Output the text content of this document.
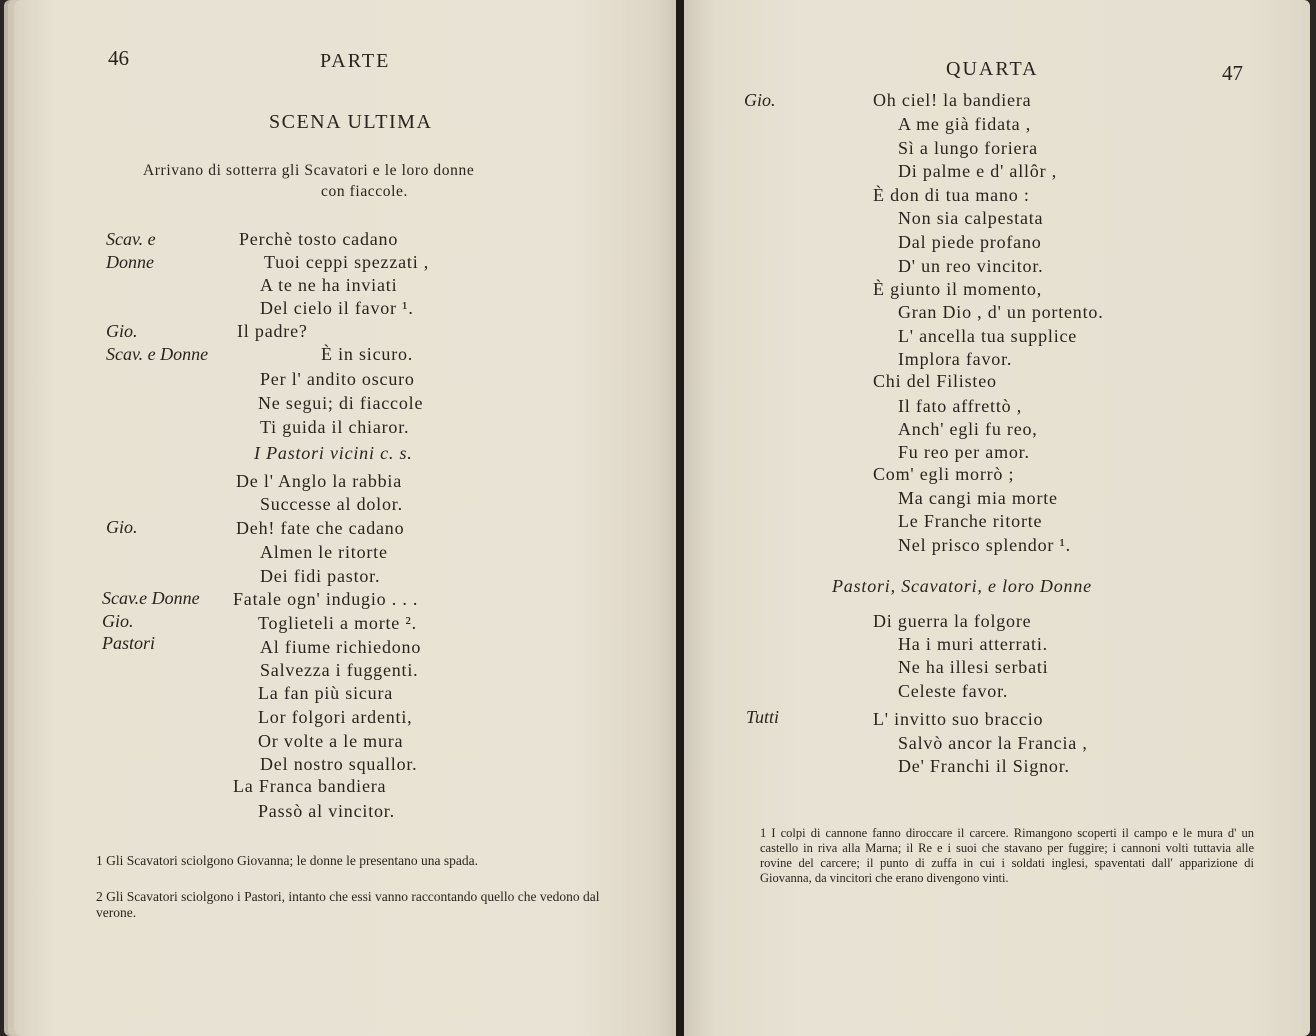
46	PARTE
SCENA ULTIMA
Arrivano di sotterra gli Scavatori e le loro donne
con fiaccole.
Scav. e
Donne
Gio.
Scav. e Donne
Gio.
Scav.e Donne
Gio.
Pastori
Perchè tosto cadano
Tuoi ceppi spezzati ,
A te ne ha inviati
Del cielo il favor ¹.
Il padre?
È in sicuro.
Per l' andito oscuro
Ne segui; di fiaccole
Ti guida il chiaror.
I Pastori vicini c. s.
De l' Anglo la rabbia
Successe al dolor.
Deh! fate che cadano
Almen le ritorte
Dei fidi pastor.
Fatale ogn' indugio . . .
Toglieteli a morte ².
Al fiume richiedono
Salvezza i fuggenti.
La fan più sicura
Lor folgori ardenti,
Or volte a le mura
Del nostro squallor.
La Franca bandiera
Passò al vincitor.
1 Gli Scavatori sciolgono Giovanna; le donne le presentano una spada.
2 Gli Scavatori sciolgono i Pastori, intanto che essi vanno raccontando quello che vedono dal verone.
QUARTA	47
Gio.
Tutti
Oh ciel! la bandiera
A me già fidata ,
Sì a lungo foriera
Di palme e d' allôr ,
È don di tua mano :
Non sia calpestata
Dal piede profano
D' un reo vincitor.
È giunto il momento,
Gran Dio , d' un portento.
L' ancella tua supplice
Implora favor.
Chi del Filisteo
Il fato affrettò ,
Anch' egli fu reo,
Fu reo per amor.
Com' egli morrò ;
Ma cangi mia morte
Le Franche ritorte
Nel prisco splendor ¹.
Pastori, Scavatori, e loro Donne
Di guerra la folgore
Ha i muri atterrati.
Ne ha illesi serbati
Celeste favor.
L' invitto suo braccio
Salvò ancor la Francia ,
De' Franchi il Signor.
1 I colpi di cannone fanno diroccare il carcere. Rimangono scoperti il campo e le mura d' un castello in riva alla Marna; il Re e i suoi che stavano per fuggire; i cannoni volti tuttavia alle rovine del carcere; il punto di zuffa in cui i soldati inglesi, spaventati dall' apparizione di Giovanna, da vincitori che erano divengono vinti.
